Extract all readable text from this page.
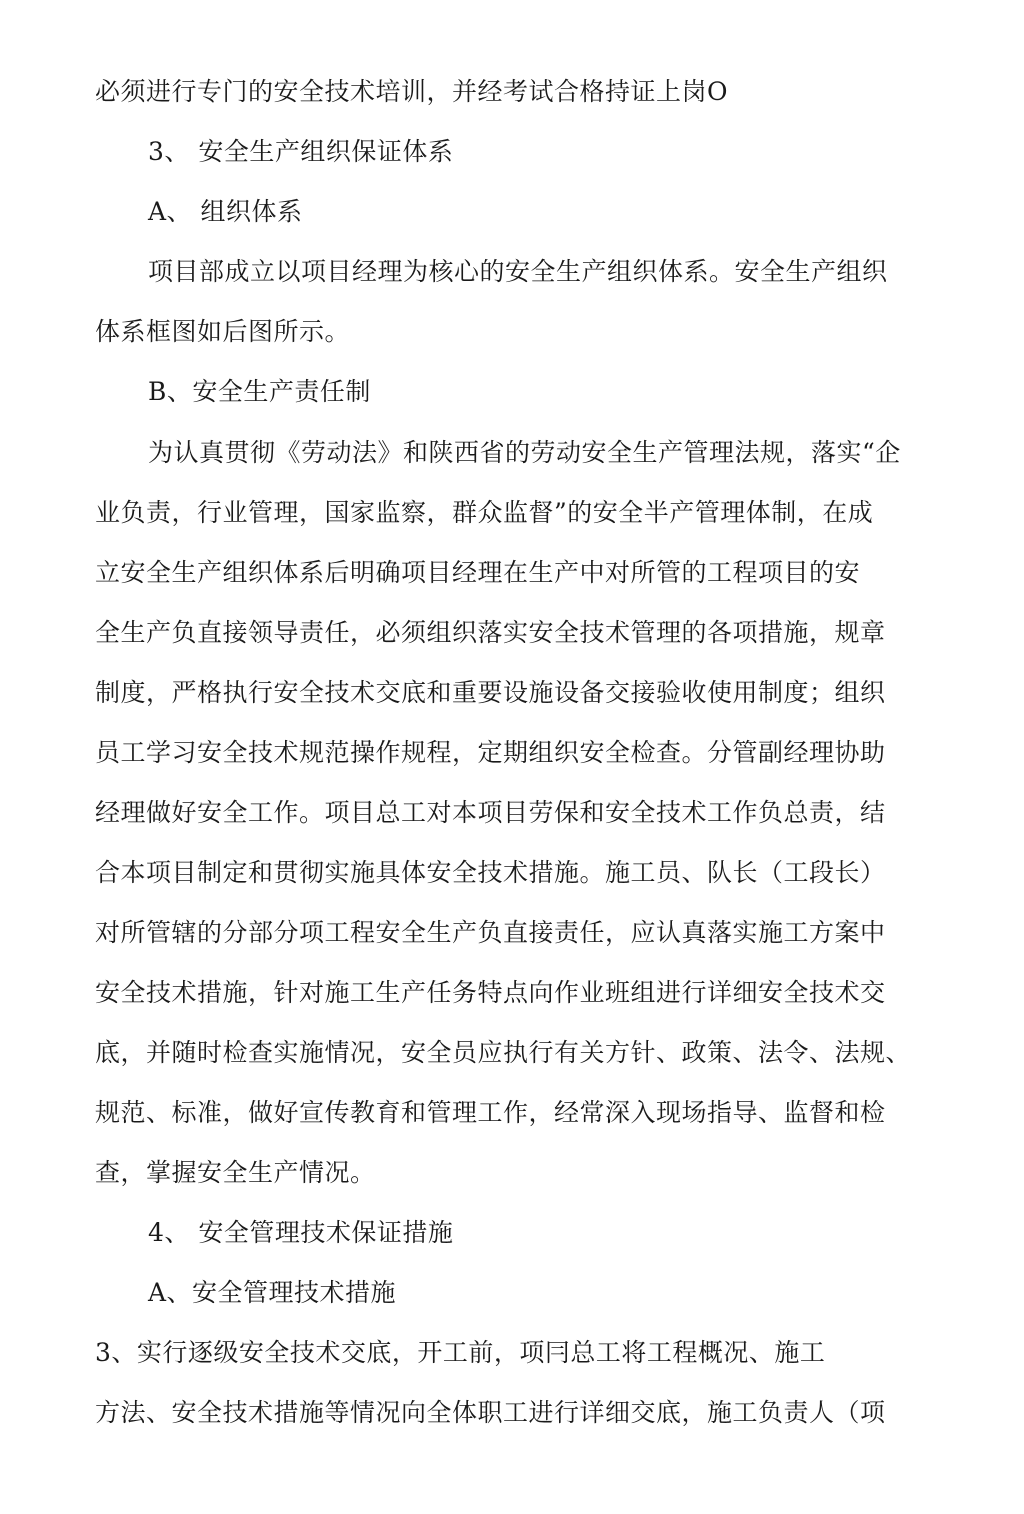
必须进行专门的安全技术培训，并经考试合格持证上岗O

3、 安全生产组织保证体系

A、 组织体系

项目部成立以项目经理为核心的安全生产组织体系。安全生产组织

体系框图如后图所示。

B、安全生产责任制

为认真贯彻《劳动法》和陕西省的劳动安全生产管理法规，落实“企

业负责，行业管理，国家监察，群众监督”的安全半产管理体制，在成

立安全生产组织体系后明确项目经理在生产中对所管的工程项目的安

全生产负直接领导责任，必须组织落实安全技术管理的各项措施，规章

制度，严格执行安全技术交底和重要设施设备交接验收使用制度；组织

员工学习安全技术规范操作规程，定期组织安全检查。分管副经理协助

经理做好安全工作。项目总工对本项目劳保和安全技术工作负总责，结

合本项目制定和贯彻实施具体安全技术措施。施工员、队长（工段长）

对所管辖的分部分项工程安全生产负直接责任，应认真落实施工方案中

安全技术措施，针对施工生产任务特点向作业班组进行详细安全技术交

底，并随时检查实施情况，安全员应执行有关方针、政策、法令、法规、

规范、标准，做好宣传教育和管理工作，经常深入现场指导、监督和检

查，掌握安全生产情况。

4、 安全管理技术保证措施

A、安全管理技术措施

3、实行逐级安全技术交底，开工前，项冃总工将工程概况、施工

方法、安全技术措施等情况向全体职工进行详细交底，施工负责人（项
